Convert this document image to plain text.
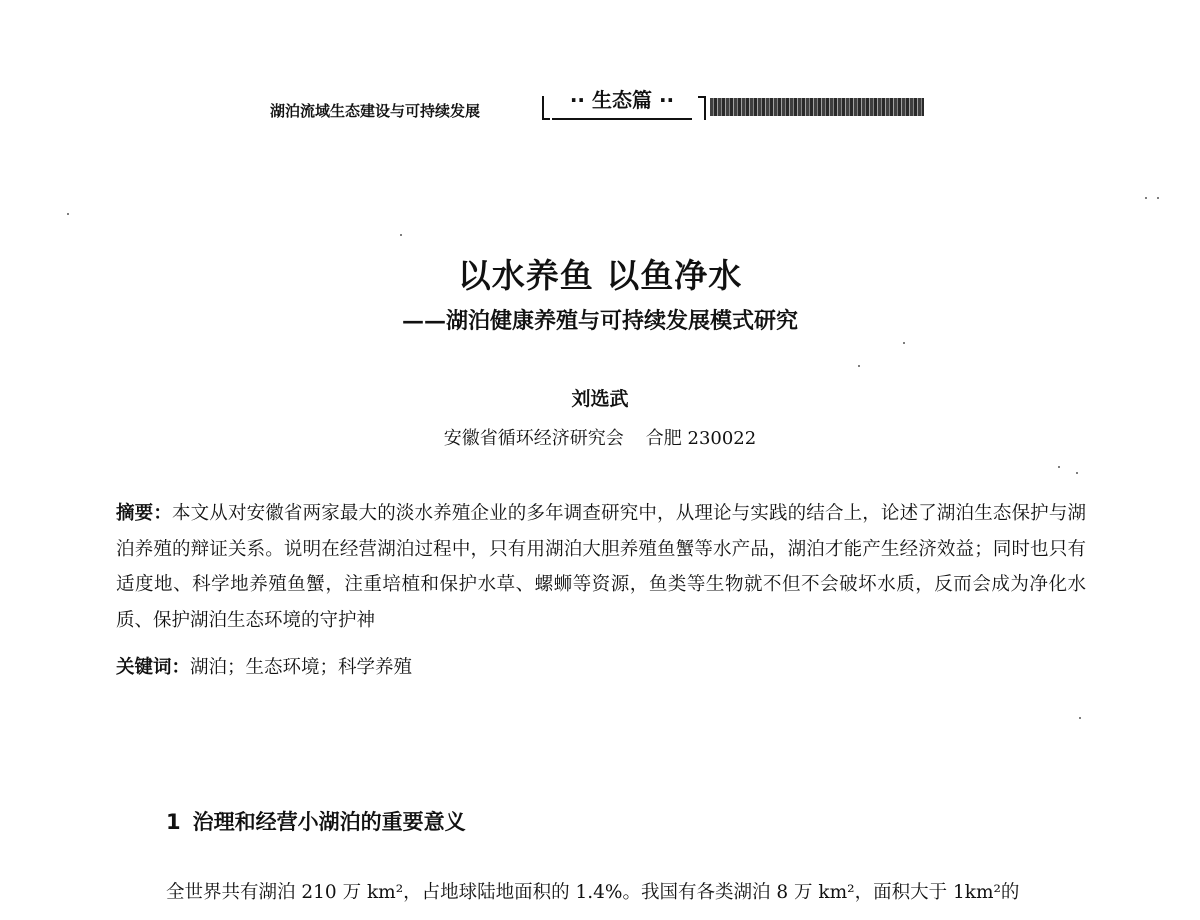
湖泊流域生态建设与可持续发展	·· 生态篇 ··
以水养鱼 以鱼净水
——湖泊健康养殖与可持续发展模式研究
刘选武
安徽省循环经济研究会 合肥 230022
摘要：本文从对安徽省两家最大的淡水养殖企业的多年调查研究中，从理论与实践的结合上，论述了湖泊生态保护与湖泊养殖的辩证关系。说明在经营湖泊过程中，只有用湖泊大胆养殖鱼蟹等水产品，湖泊才能产生经济效益；同时也只有适度地、科学地养殖鱼蟹，注重培植和保护水草、螺蛳等资源，鱼类等生物就不但不会破坏水质，反而会成为净化水质、保护湖泊生态环境的守护神
关键词：湖泊；生态环境；科学养殖
1 治理和经营小湖泊的重要意义
全世界共有湖泊 210 万 km²，占地球陆地面积的 1.4%。我国有各类湖泊 8 万 km²，面积大于 1km²的
